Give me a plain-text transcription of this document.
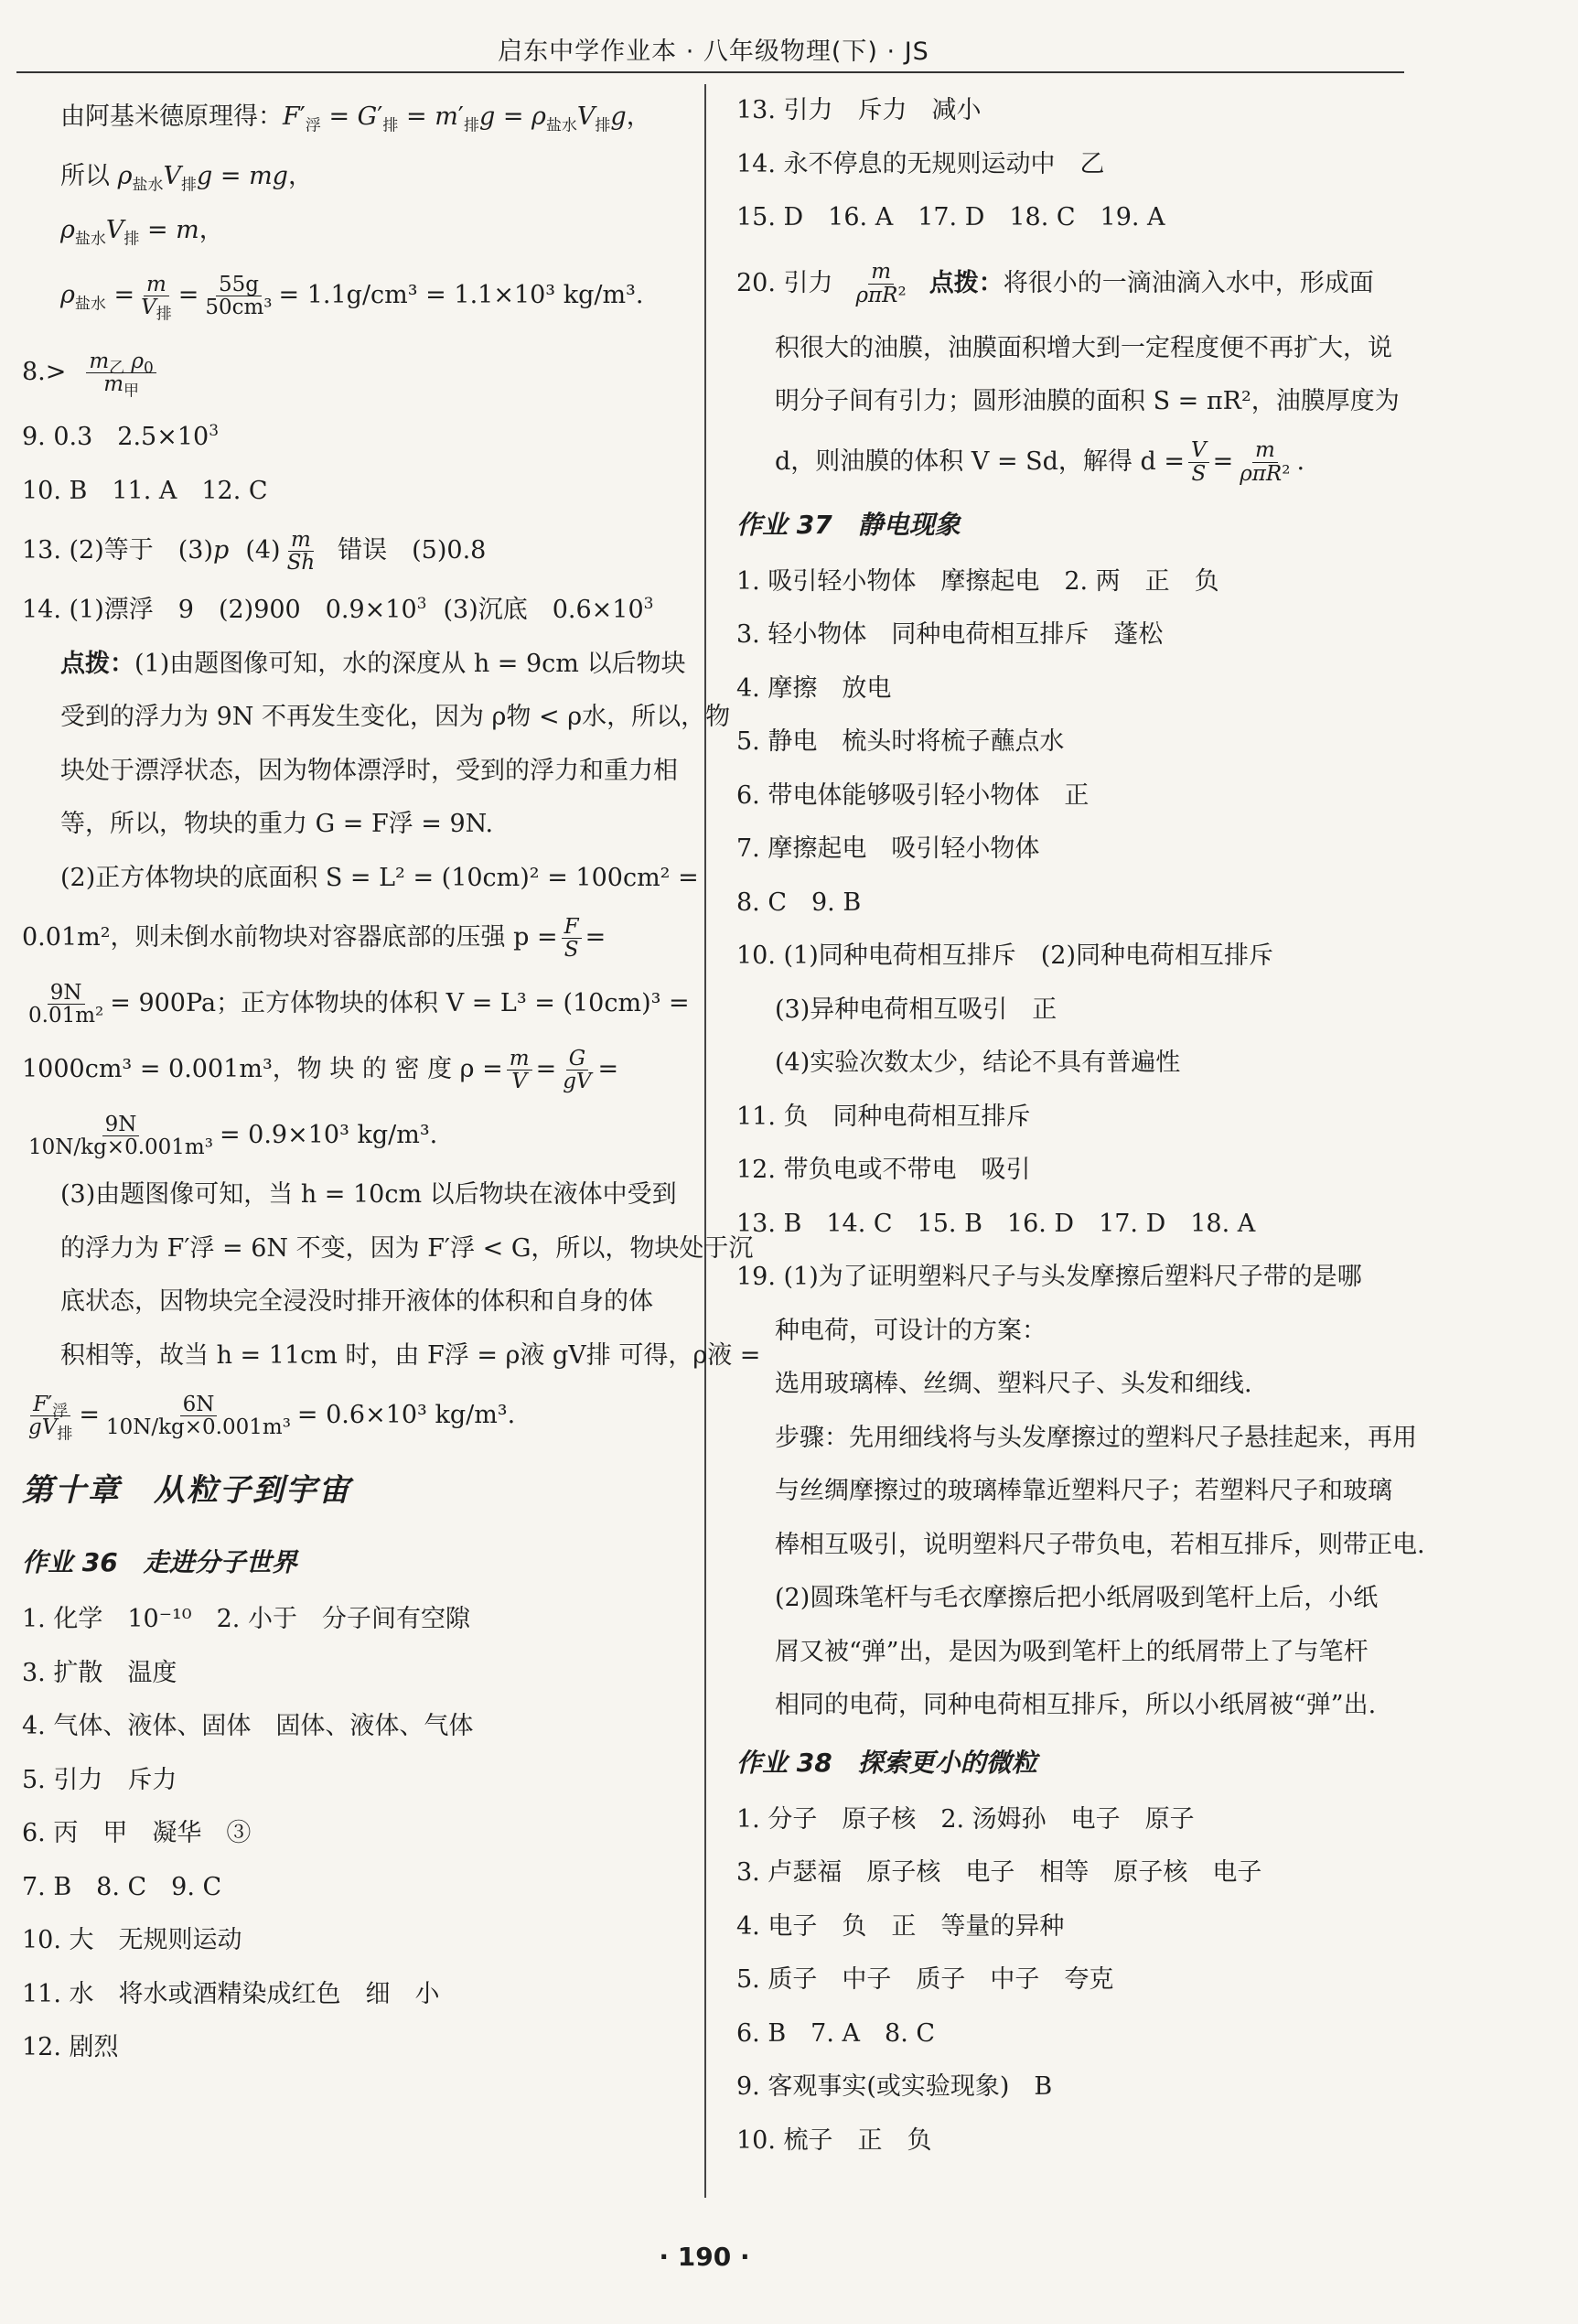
启东中学作业本 · 八年级物理(下) · JS
由阿基米德原理得：$F'_浮 = G'_排 = m'_排g = \rho_{盐水}V_排g$，
所以 $\rho_{盐水}V_排g$ = mg，
$\rho_{盐水}V_排 = m$，
$\rho_{盐水} = \frac{m}{V_排} = \frac{55g}{\text{50cm³}} = 1.1g/cm^3 = 1.1\times 10^3$ kg/m³.
$8.> \frac{m_乙 \rho_0}{m_甲}$
9. 0.3　$2.5\times 10^3$
10. B　11. A　12. C
13. (2)等于　(3)p $(4) \frac{m}{Sh}$ 错误　(5)0.8
14. (1)漂浮　9　(2)900　$0.9\times 10^3$ (3)沉底　$0.6\times 10^3$
点拨：(1)由题图像可知，水的深度从 h = 9cm 以后物块
受到的浮力为 9N 不再发生变化，因为 ρ物 < ρ水，所以，物
块处于漂浮状态，因为物体漂浮时，受到的浮力和重力相
等，所以，物块的重力 G = F浮 = 9N.
(2)正方体物块的底面积 S = L² = (10cm)² = 100cm² =
0.01m²，则未倒水前物块对容器底部的压强 $p = \frac{F}{S}$ =
$\frac{9N}{\text{0.01m²}} = 900Pa$；正方体物块的体积 V = L³ = (10cm)³ =
1000cm³ = 0.001m³，物 块 的 密 度 $\rho = \frac{m}{V} = \frac{G}{gV}$ =
$\frac{9N}{\text{10N/kg×0.001m³}} = 0.9\times 10^3$ kg/m³.
(3)由题图像可知，当 h = 10cm 以后物块在液体中受到
的浮力为 F′浮 = 6N 不变，因为 F′浮 < G，所以，物块处于沉
底状态，因物块完全浸没时排开液体的体积和自身的体
积相等，故当 h = 11cm 时，由 F浮 = ρ液 gV排 可得，ρ液 =
$\frac{F'_浮}{gV_排} = \frac{6N}{\text{10N/kg×0.001m³}} = 0.6\times 10^3$ kg/m³.
第十章　从粒子到宇宙
作业 36　走进分子世界
1. 化学　10⁻¹⁰　2. 小于　分子间有空隙
3. 扩散　温度
4. 气体、液体、固体　固体、液体、气体
5. 引力　斥力
6. 丙　甲　凝华　③
7. B　8. C　9. C
10. 大　无规则运动
11. 水　将水或酒精染成红色　细　小
12. 剧烈
13. 引力　斥力　减小
14. 永不停息的无规则运动中　乙
15. D　16. A　17. D　18. C　19. A
20. 引力 $\frac{m}{\text{ρπR²}}$ 点拨：将很小的一滴油滴入水中，形成面
积很大的油膜，油膜面积增大到一定程度便不再扩大，说
明分子间有引力；圆形油膜的面积 S = πR²，油膜厚度为
d，则油膜的体积 V = Sd，解得 $d = \frac{V}{S} = \frac{m}{\text{ρπR²}}$ .
作业 37　静电现象
1. 吸引轻小物体　摩擦起电　2. 两　正　负
3. 轻小物体　同种电荷相互排斥　蓬松
4. 摩擦　放电
5. 静电　梳头时将梳子蘸点水
6. 带电体能够吸引轻小物体　正
7. 摩擦起电　吸引轻小物体
8. C　9. B
10. (1)同种电荷相互排斥　(2)同种电荷相互排斥
(3)异种电荷相互吸引　正
(4)实验次数太少，结论不具有普遍性
11. 负　同种电荷相互排斥
12. 带负电或不带电　吸引
13. B　14. C　15. B　16. D　17. D　18. A
19. (1)为了证明塑料尺子与头发摩擦后塑料尺子带的是哪
种电荷，可设计的方案：
选用玻璃棒、丝绸、塑料尺子、头发和细线.
步骤：先用细线将与头发摩擦过的塑料尺子悬挂起来，再用
与丝绸摩擦过的玻璃棒靠近塑料尺子；若塑料尺子和玻璃
棒相互吸引，说明塑料尺子带负电，若相互排斥，则带正电.
(2)圆珠笔杆与毛衣摩擦后把小纸屑吸到笔杆上后，小纸
屑又被“弹”出，是因为吸到笔杆上的纸屑带上了与笔杆
相同的电荷，同种电荷相互排斥，所以小纸屑被“弹”出.
作业 38　探索更小的微粒
1. 分子　原子核　2. 汤姆孙　电子　原子
3. 卢瑟福　原子核　电子　相等　原子核　电子
4. 电子　负　正　等量的异种
5. 质子　中子　质子　中子　夸克
6. B　7. A　8. C
9. 客观事实(或实验现象)　B
10. 梳子　正　负
· 190 ·
